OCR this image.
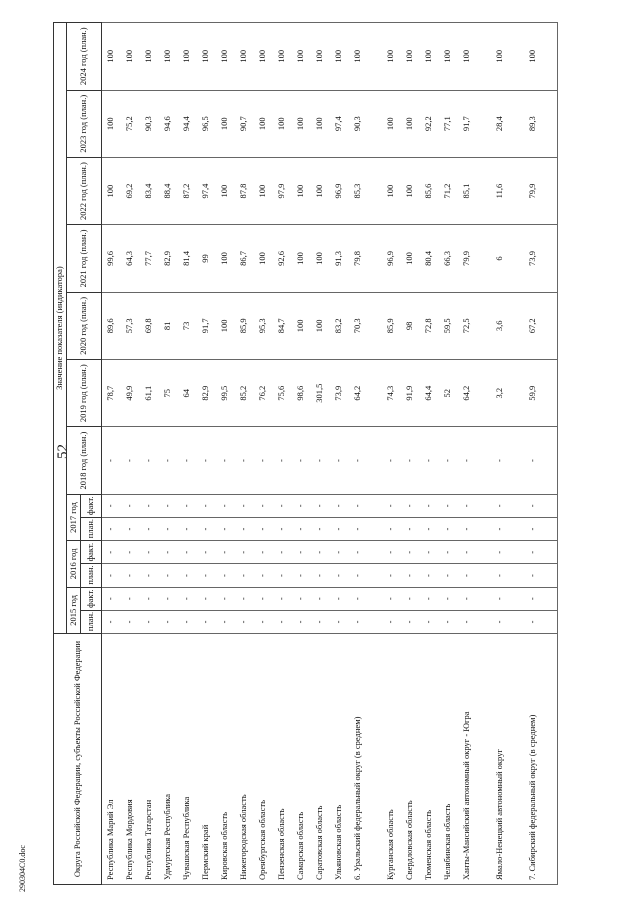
52
Округа Российской Федерации, субъекты Российской Федерации	Значение показателя (индикатора)												
	2015 год		2016 год		2017 год		2018 год (план.)	2019 год (план.)	2020 год (план.)	2021 год (план.)	2022 год (план.)	2023 год (план.)	2024 год (план.)
	план.	факт.	план.	факт.	план.	факт.							
Республика Марий Эл	-	-	-	-	-	-	-	78,7	89,6	99,6	100	100	100
Республика Мордовия	-	-	-	-	-	-	-	49,9	57,3	64,3	69,2	75,2	100
Республика Татарстан	-	-	-	-	-	-	-	61,1	69,8	77,7	83,4	90,3	100
Удмуртская Республика	-	-	-	-	-	-	-	75	81	82,9	88,4	94,6	100
Чувашская Республика	-	-	-	-	-	-	-	64	73	81,4	87,2	94,4	100
Пермский край	-	-	-	-	-	-	-	82,9	91,7	99	97,4	96,5	100
Кировская область	-	-	-	-	-	-	-	99,5	100	100	100	100	100
Нижегородская область	-	-	-	-	-	-	-	85,2	85,9	86,7	87,8	90,7	100
Оренбургская область	-	-	-	-	-	-	-	76,2	95,3	100	100	100	100
Пензенская область	-	-	-	-	-	-	-	75,6	84,7	92,6	97,9	100	100
Самарская область	-	-	-	-	-	-	-	98,6	100	100	100	100	100
Саратовская область	-	-	-	-	-	-	-	301,5	100	100	100	100	100
Ульяновская область	-	-	-	-	-	-	-	73,9	83,2	91,3	96,9	97,4	100
6. Уральский федеральный округ (в среднем)	-	-	-	-	-	-	-	64,2	70,3	79,8	85,3	90,3	100
Курганская область	-	-	-	-	-	-	-	74,3	85,9	96,9	100	100	100
Свердловская область	-	-	-	-	-	-	-	91,9	98	100	100	100	100
Тюменская область	-	-	-	-	-	-	-	64,4	72,8	80,4	85,6	92,2	100
Челябинская область	-	-	-	-	-	-	-	52	59,5	66,3	71,2	77,1	100
Ханты-Мансийский автономный округ - Югра	-	-	-	-	-	-	-	64,2	72,5	79,9	85,1	91,7	100
Ямало-Ненецкий автономный округ	-	-	-	-	-	-	-	3,2	3,6	6	11,6	28,4	100
7. Сибирский федеральный округ (в среднем)	-	-	-	-	-	-	-	59,9	67,2	73,9	79,9	89,3	100
290304C0.doc
